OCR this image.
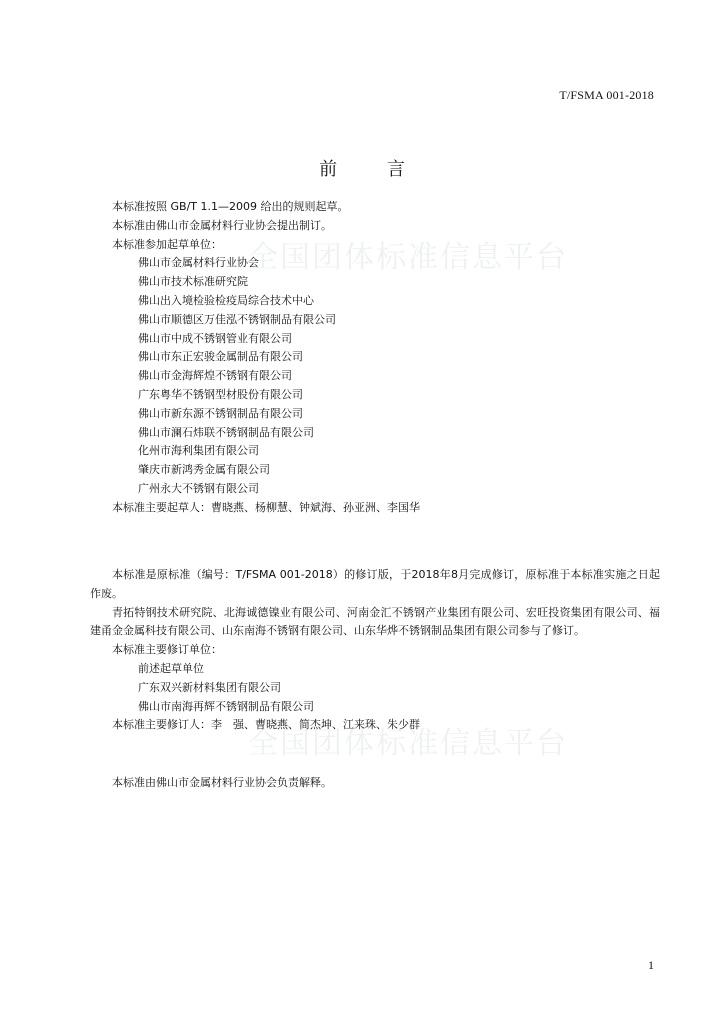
全国团体标准信息平台
全国团体标准信息平台
T/FSMA 001-2018
前	言
本标准按照 GB/T 1.1—2009 给出的规则起草。
本标准由佛山市金属材料行业协会提出制订。
本标准参加起草单位：
佛山市金属材料行业协会
佛山市技术标准研究院
佛山出入境检验检疫局综合技术中心
佛山市顺德区万佳泓不锈钢制品有限公司
佛山市中成不锈钢管业有限公司
佛山市东正宏骏金属制品有限公司
佛山市金海辉煌不锈钢有限公司
广东粤华不锈钢型材股份有限公司
佛山市新东源不锈钢制品有限公司
佛山市澜石炜联不锈钢制品有限公司
化州市海利集团有限公司
肇庆市新鸿秀金属有限公司
广州永大不锈钢有限公司
本标准主要起草人：曹晓燕、杨柳慧、钟斌海、孙亚洲、李国华
本标准是原标准（编号：T/FSMA 001-2018）的修订版，于2018年8月完成修订，原标准于本标准实施之日起作废。
青拓特钢技术研究院、北海诚德镍业有限公司、河南金汇不锈钢产业集团有限公司、宏旺投资集团有限公司、福建甬金金属科技有限公司、山东南海不锈钢有限公司、山东华烨不锈钢制品集团有限公司参与了修订。
本标准主要修订单位：
前述起草单位
广东双兴新材料集团有限公司
佛山市南海再辉不锈钢制品有限公司
本标准主要修订人：李　强、曹晓燕、简杰坤、江来珠、朱少群
本标准由佛山市金属材料行业协会负责解释。
1
